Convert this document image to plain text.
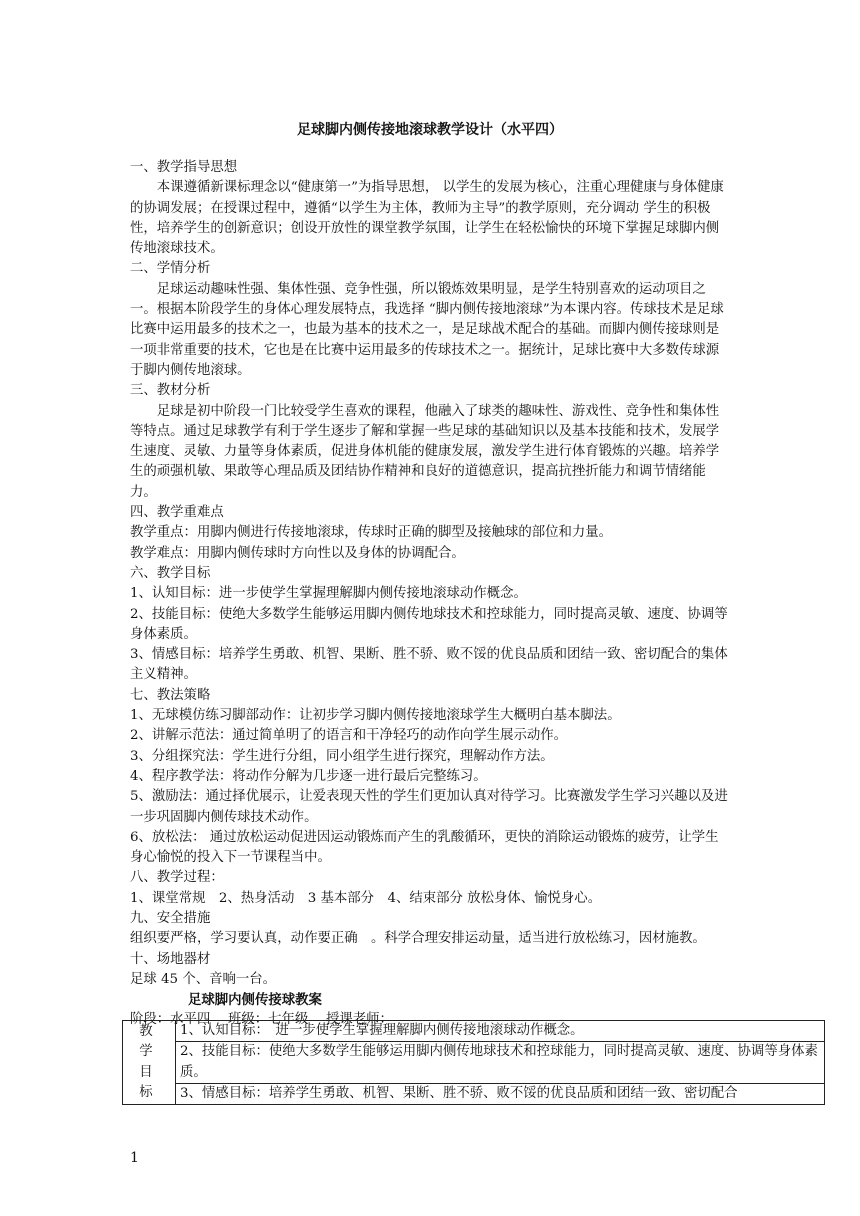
足球脚内侧传接地滚球教学设计（水平四）

一、教学指导思想

本课遵循新课标理念以“健康第一”为指导思想， 以学生的发展为核心，注重心理健康与身体健康的协调发展；在授课过程中，遵循“以学生为主体，教师为主导”的教学原则，充分调动 学生的积极性，培养学生的创新意识；创设开放性的课堂教学氛围，让学生在轻松愉快的环境下掌握足球脚内侧传地滚球技术。

二、学情分析

足球运动趣味性强、集体性强、竞争性强，所以锻炼效果明显，是学生特别喜欢的运动项目之一。根据本阶段学生的身体心理发展特点，我选择 “脚内侧传接地滚球”为本课内容。传球技术是足球比赛中运用最多的技术之一，也最为基本的技术之一，是足球战术配合的基础。而脚内侧传接球则是一项非常重要的技术，它也是在比赛中运用最多的传球技术之一。据统计，足球比赛中大多数传球源于脚内侧传地滚球。

三、教材分析

足球是初中阶段一门比较受学生喜欢的课程，他融入了球类的趣味性、游戏性、竞争性和集体性等特点。通过足球教学有利于学生逐步了解和掌握一些足球的基础知识以及基本技能和技术，发展学生速度、灵敏、力量等身体素质，促进身体机能的健康发展，激发学生进行体育锻炼的兴趣。培养学生的顽强机敏、果敢等心理品质及团结协作精神和良好的道德意识，提高抗挫折能力和调节情绪能力。

四、教学重难点

教学重点：用脚内侧进行传接地滚球，传球时正确的脚型及接触球的部位和力量。

教学难点：用脚内侧传球时方向性以及身体的协调配合。

六、教学目标

1、认知目标：进一步使学生掌握理解脚内侧传接地滚球动作概念。

2、技能目标：使绝大多数学生能够运用脚内侧传地球技术和控球能力，同时提高灵敏、速度、协调等身体素质。

3、情感目标：培养学生勇敢、机智、果断、胜不骄、败不馁的优良品质和团结一致、密切配合的集体主义精神。

七、教法策略

1、无球模仿练习脚部动作：让初步学习脚内侧传接地滚球学生大概明白基本脚法。

2、讲解示范法：通过简单明了的语言和干净轻巧的动作向学生展示动作。

3、分组探究法：学生进行分组，同小组学生进行探究，理解动作方法。

4、程序教学法：将动作分解为几步逐一进行最后完整练习。

5、激励法：通过择优展示，让爱表现天性的学生们更加认真对待学习。比赛激发学生学习兴趣以及进一步巩固脚内侧传球技术动作。

6、放松法： 通过放松运动促进因运动锻炼而产生的乳酸循环，更快的消除运动锻炼的疲劳，让学生身心愉悦的投入下一节课程当中。

八、教学过程：

1、课堂常规　2、热身活动　3 基本部分　4、结束部分 放松身体、愉悦身心。

九、安全措施

组织要严格，学习要认真，动作要正确　。科学合理安排运动量，适当进行放松练习，因材施教。

十、场地器材

足球 45 个、音响一台。

足球脚内侧传接球教案

阶段：水平四　 班级：七年级　 授课老师：

教学
目标
	1、认知目标：　进一步使学生掌握理解脚内侧传接地滚球动作概念。
2、技能目标：使绝大多数学生能够运用脚内侧传地球技术和控球能力，同时提高灵敏、速度、协调等身体素质。
3、情感目标：培养学生勇敢、机智、果断、胜不骄、败不馁的优良品质和团结一致、密切配合
1
